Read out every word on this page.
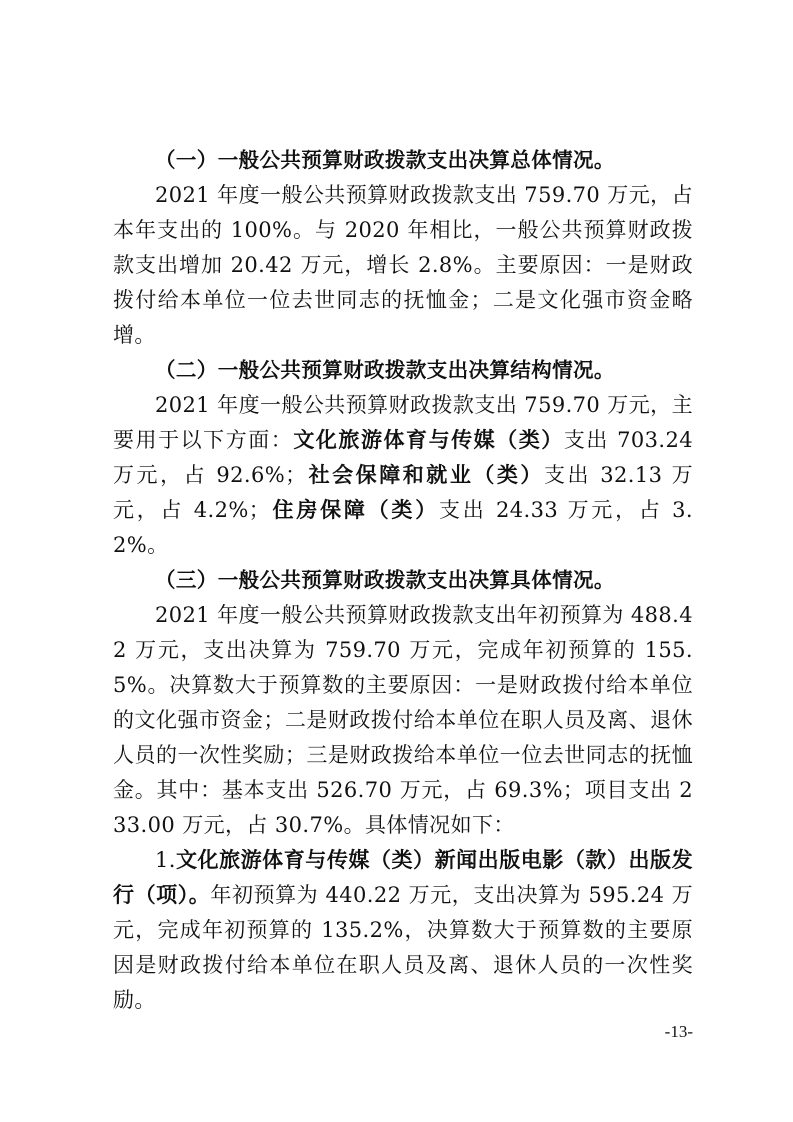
（一）一般公共预算财政拨款支出决算总体情况。

2021 年度一般公共预算财政拨款支出 759.70 万元，占本年支出的 100%。与 2020 年相比，一般公共预算财政拨款支出增加 20.42 万元，增长 2.8%。主要原因：一是财政拨付给本单位一位去世同志的抚恤金；二是文化强市资金略增。

（二）一般公共预算财政拨款支出决算结构情况。

2021 年度一般公共预算财政拨款支出 759.70 万元，主要用于以下方面：文化旅游体育与传媒（类）支出 703.24 万元，占 92.6%；社会保障和就业（类）支出 32.13 万元，占 4.2%；住房保障（类）支出 24.33 万元，占 3.2%。

（三）一般公共预算财政拨款支出决算具体情况。

2021 年度一般公共预算财政拨款支出年初预算为 488.42 万元，支出决算为 759.70 万元，完成年初预算的 155.5%。决算数大于预算数的主要原因：一是财政拨付给本单位的文化强市资金；二是财政拨付给本单位在职人员及离、退休人员的一次性奖励；三是财政拨给本单位一位去世同志的抚恤金。其中：基本支出 526.70 万元，占 69.3%；项目支出 233.00 万元，占 30.7%。具体情况如下：

1.文化旅游体育与传媒（类）新闻出版电影（款）出版发行（项）。年初预算为 440.22 万元，支出决算为 595.24 万元，完成年初预算的 135.2%，决算数大于预算数的主要原因是财政拨付给本单位在职人员及离、退休人员的一次性奖励。

-13-
